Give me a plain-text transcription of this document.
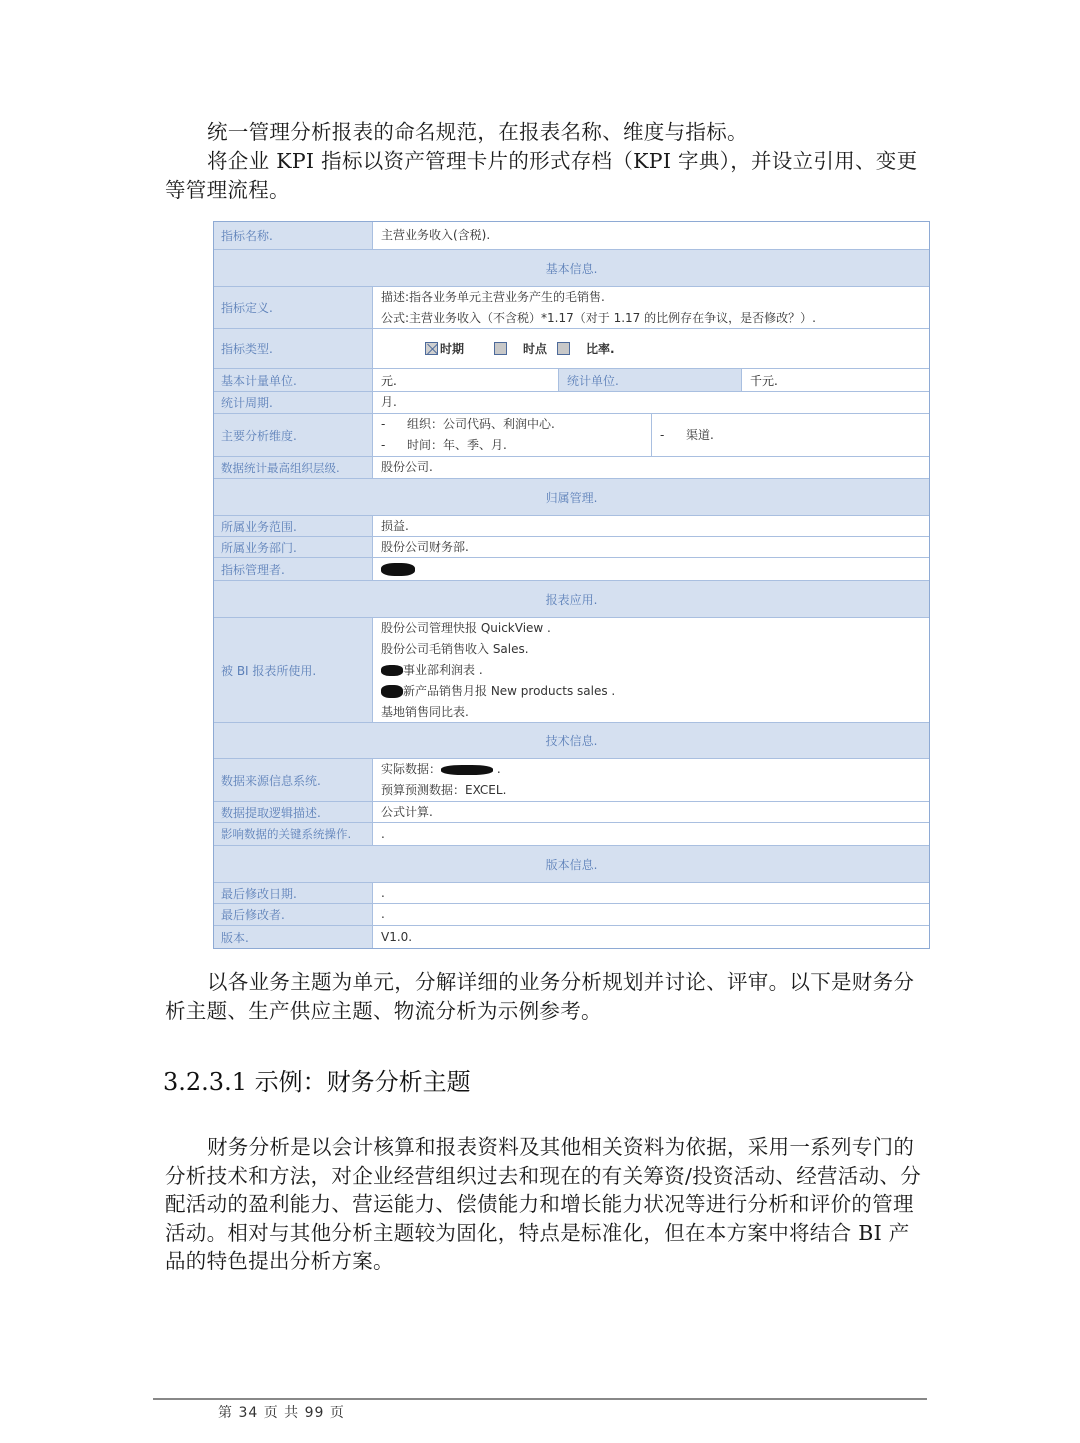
统一管理分析报表的命名规范，在报表名称、维度与指标。
将企业 KPI 指标以资产管理卡片的形式存档（KPI 字典），并设立引用、变更等管理流程。
指标名称.	主营业务收入(含税).
基本信息.
指标定义.
描述:指各业务单元主营业务产生的毛销售.
公式:主营业务收入（不含税）*1.17（对于 1.17 的比例存在争议，是否修改？）.
指标类型.	时期	时点	比率.
基本计量单位.	元.	统计单位.	千元.
统计周期.	月.
主要分析维度.
- 组织：公司代码、利润中心.
- 时间：年、季、月.
- 渠道.
数据统计最高组织层级.	股份公司.
归属管理.
所属业务范围.	损益.
所属业务部门.	股份公司财务部.
指标管理者.
报表应用.
被 BI 报表所使用.
股份公司管理快报 QuickView .
股份公司毛销售收入 Sales.
事业部利润表 .
新产品销售月报 New products sales .
基地销售同比表.
技术信息.
数据来源信息系统.
实际数据：	.
预算预测数据：EXCEL.
数据提取逻辑描述.	公式计算.
影响数据的关键系统操作.	.
版本信息.
最后修改日期.	.
最后修改者.	.
版本.	V1.0.
以各业务主题为单元，分解详细的业务分析规划并讨论、评审。以下是财务分析主题、生产供应主题、物流分析为示例参考。
3.2.3.1 示例：财务分析主题
财务分析是以会计核算和报表资料及其他相关资料为依据，采用一系列专门的分析技术和方法，对企业经营组织过去和现在的有关筹资/投资活动、经营活动、分配活动的盈利能力、营运能力、偿债能力和增长能力状况等进行分析和评价的管理活动。相对与其他分析主题较为固化，特点是标准化，但在本方案中将结合 BI 产品的特色提出分析方案。
第 34 页 共 99 页
